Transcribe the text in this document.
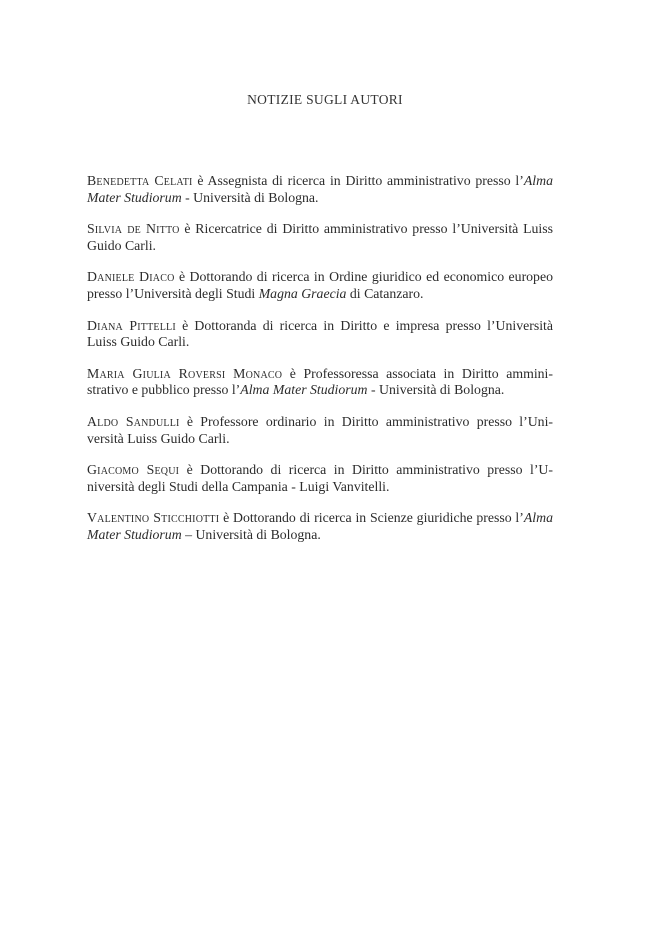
NOTIZIE SUGLI AUTORI

Benedetta Celati è Assegnista di ricerca in Diritto amministrativo presso l’Alma Mater Studiorum - Università di Bologna.

Silvia de Nitto è Ricercatrice di Diritto amministrativo presso l’Università Luiss Guido Carli.

Daniele Diaco è Dottorando di ricerca in Ordine giuridico ed economico europeo presso l’Università degli Studi Magna Graecia di Catanzaro.

Diana Pittelli è Dottoranda di ricerca in Diritto e impresa presso l’Università Luiss Guido Carli.

Maria Giulia Roversi Monaco è Professoressa associata in Diritto ammini-strativo e pubblico presso l’Alma Mater Studiorum - Università di Bologna.

Aldo Sandulli è Professore ordinario in Diritto amministrativo presso l’Uni-versità Luiss Guido Carli.

Giacomo Sequi è Dottorando di ricerca in Diritto amministrativo presso l’U-niversità degli Studi della Campania - Luigi Vanvitelli.

Valentino Sticchiotti è Dottorando di ricerca in Scienze giuridiche presso l’Alma Mater Studiorum – Università di Bologna.
